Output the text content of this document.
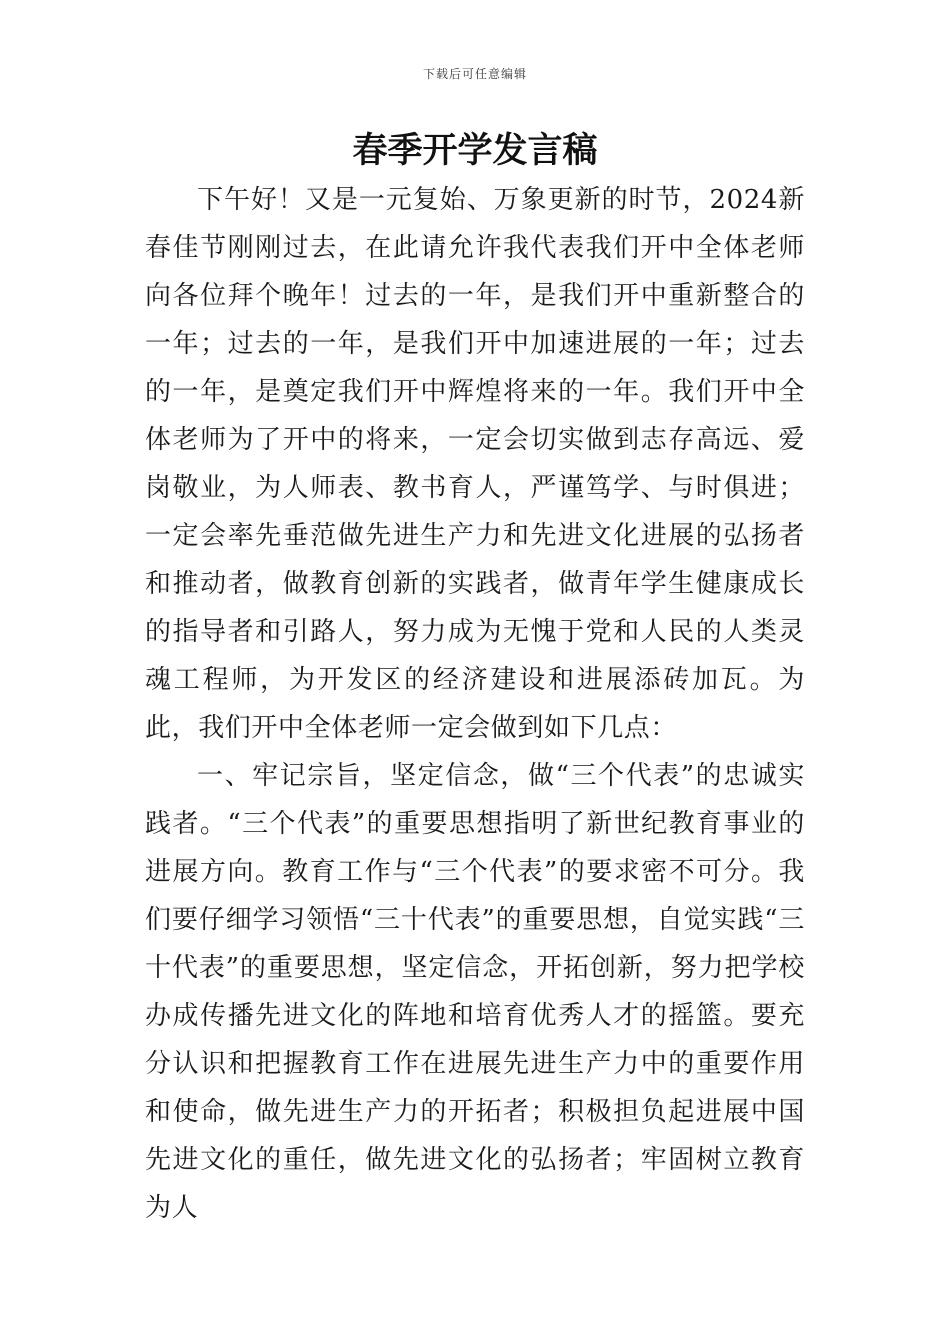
下载后可任意编辑
春季开学发言稿

下午好！又是一元复始、万象更新的时节，2024新春佳节刚刚过去，在此请允许我代表我们开中全体老师向各位拜个晚年！过去的一年，是我们开中重新整合的一年；过去的一年，是我们开中加速进展的一年；过去的一年，是奠定我们开中辉煌将来的一年。我们开中全体老师为了开中的将来，一定会切实做到志存高远、爱岗敬业，为人师表、教书育人，严谨笃学、与时俱进；一定会率先垂范做先进生产力和先进文化进展的弘扬者和推动者，做教育创新的实践者，做青年学生健康成长的指导者和引路人，努力成为无愧于党和人民的人类灵魂工程师，为开发区的经济建设和进展添砖加瓦。为此，我们开中全体老师一定会做到如下几点：

一、牢记宗旨，坚定信念，做“三个代表”的忠诚实践者。“三个代表”的重要思想指明了新世纪教育事业的进展方向。教育工作与“三个代表”的要求密不可分。我们要仔细学习领悟“三十代表”的重要思想，自觉实践“三十代表”的重要思想，坚定信念，开拓创新，努力把学校办成传播先进文化的阵地和培育优秀人才的摇篮。要充分认识和把握教育工作在进展先进生产力中的重要作用和使命，做先进生产力的开拓者；积极担负起进展中国先进文化的重任，做先进文化的弘扬者；牢固树立教育为人
